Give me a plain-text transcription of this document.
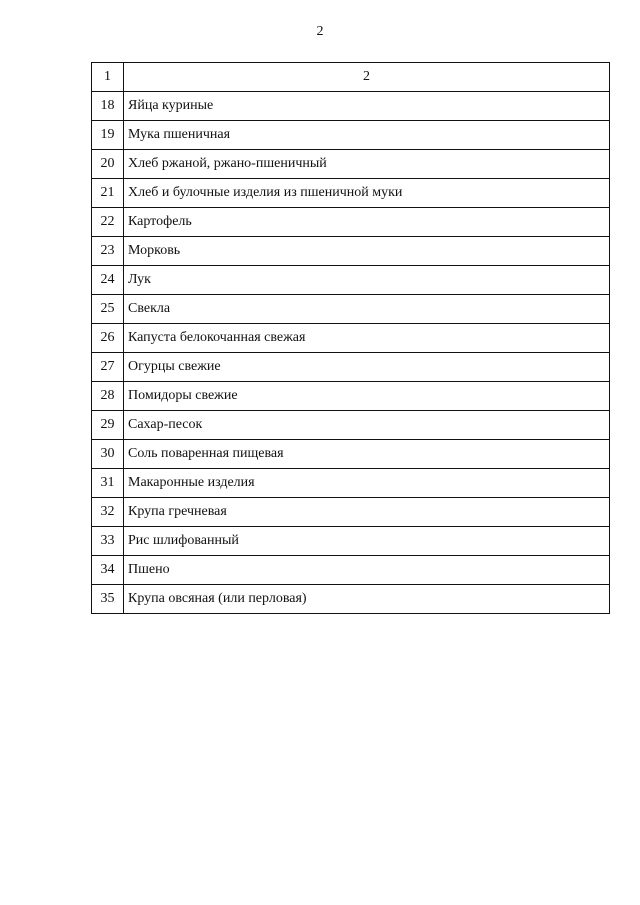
2
1	2
18	Яйца куриные
19	Мука пшеничная
20	Хлеб ржаной, ржано-пшеничный
21	Хлеб и булочные изделия из пшеничной муки
22	Картофель
23	Морковь
24	Лук
25	Свекла
26	Капуста белокочанная свежая
27	Огурцы свежие
28	Помидоры свежие
29	Сахар-песок
30	Соль поваренная пищевая
31	Макаронные изделия
32	Крупа гречневая
33	Рис шлифованный
34	Пшено
35	Крупа овсяная (или перловая)
